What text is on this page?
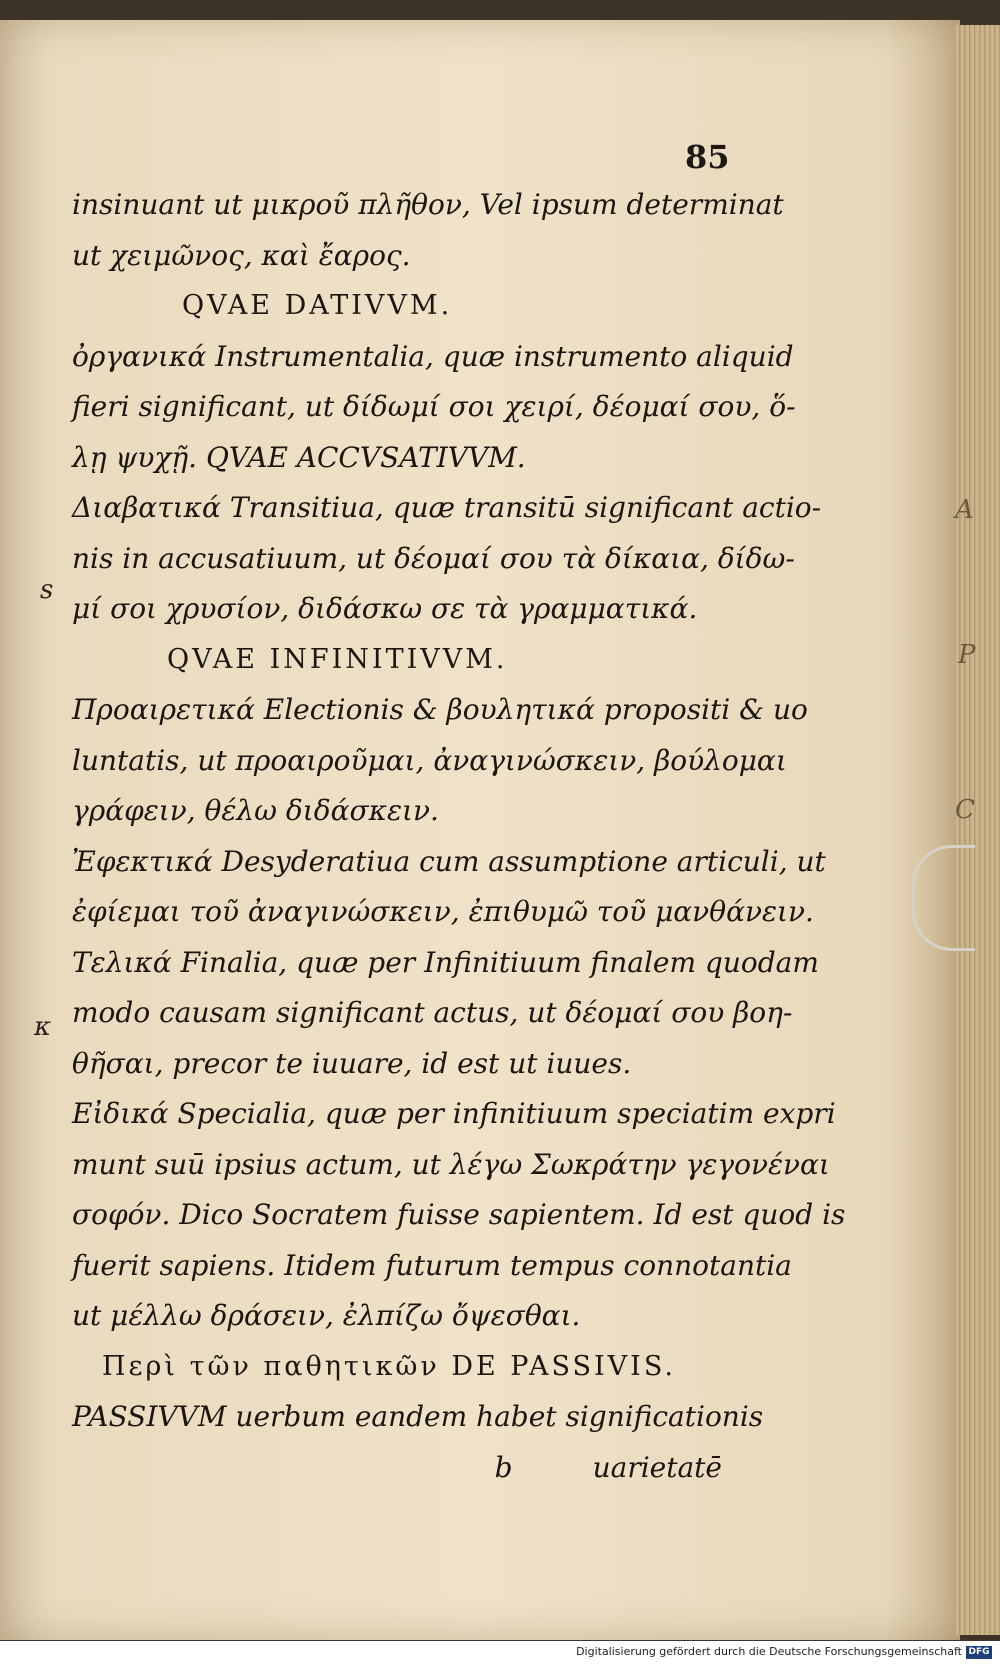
s
κ
A
P
C
85
insinuant ut μικροῦ πλῆθον, Vel ipsum determinat
ut χειμῶνος, καὶ ἔαρος.
QVAE DATIVVM.
ὀργανικά Instrumentalia, quæ instrumento aliquid
fieri significant, ut δίδωμί σοι χειρί, δέομαί σου, ὅ-
λῃ ψυχῇ. QVAE ACCVSATIVVM.
Διαβατικά Transitiua, quæ transitū significant actio-
nis in accusatiuum, ut δέομαί σου τὰ δίκαια, δίδω-
μί σοι χρυσίον, διδάσκω σε τὰ γραμματικά.
QVAE INFINITIVVM.
Προαιρετικά Electionis & βουλητικά propositi & uo
luntatis, ut προαιροῦμαι, ἀναγινώσκειν, βούλομαι
γράφειν, θέλω διδάσκειν.
Ἐφεκτικά Desyderatiua cum assumptione articuli, ut
ἐφίεμαι τοῦ ἀναγινώσκειν, ἐπιθυμῶ τοῦ μανθάνειν.
Τελικά Finalia, quæ per Infinitiuum finalem quodam
modo causam significant actus, ut δέομαί σου βοη-
θῆσαι, precor te iuuare, id est ut iuues.
Εἰδικά Specialia, quæ per infinitiuum speciatim expri
munt suū ipsius actum, ut λέγω Σωκράτην γεγονέναι
σοφόν. Dico Socratem fuisse sapientem. Id est quod is
fuerit sapiens. Itidem futurum tempus connotantia
ut μέλλω δράσειν, ἐλπίζω ὄψεσθαι.
Περὶ τῶν παθητικῶν DE PASSIVIS.
PASSIVVM uerbum eandem habet significationis
b	uarietatē
Digitalisierung gefördert durch die Deutsche Forschungsgemeinschaft DFG
